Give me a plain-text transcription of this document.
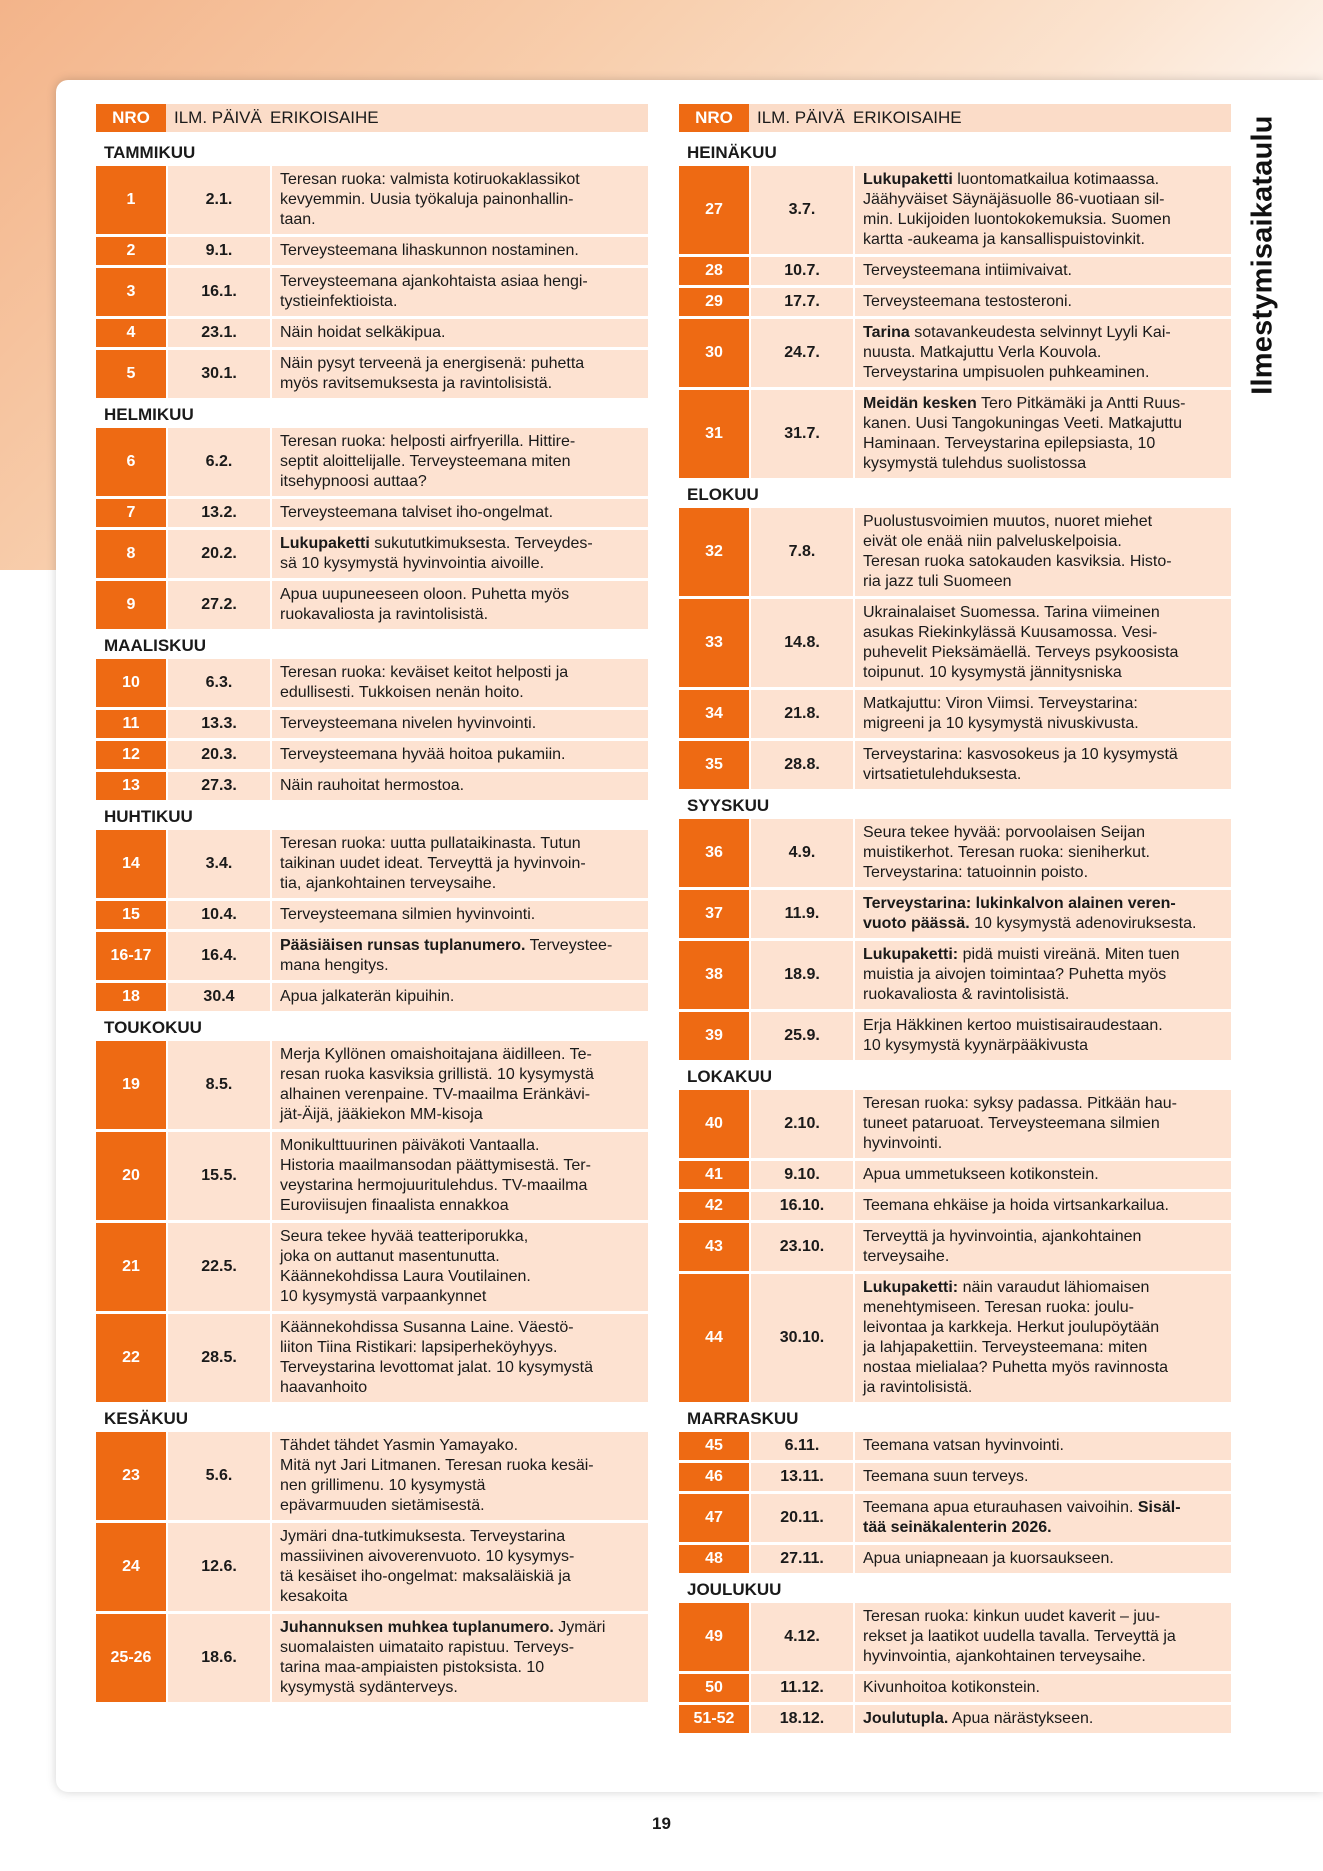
Ilmestymisaikataulu
NRO	ILM. PÄIVÄ ERIKOISAIHE
TAMMIKUU
1	2.1.
Teresan ruoka: valmista kotiruokaklassikot
kevyemmin. Uusia työkaluja painonhallin-
taan.
2	9.1.	Terveysteemana lihaskunnon nostaminen.
3	16.1.
Terveysteemana ajankohtaista asiaa hengi-
tystieinfektioista.
4	23.1.	Näin hoidat selkäkipua.
5	30.1.
Näin pysyt terveenä ja energisenä: puhetta
myös ravitsemuksesta ja ravintolisistä.
HELMIKUU
6	6.2.
Teresan ruoka: helposti airfryerilla. Hittire-
septit aloittelijalle. Terveysteemana miten
itsehypnoosi auttaa?
7	13.2.	Terveysteemana talviset iho-ongelmat.
8	20.2.
Lukupaketti sukututkimuksesta. Terveydes-
sä 10 kysymystä hyvinvointia aivoille.
9	27.2.
Apua uupuneeseen oloon. Puhetta myös
ruokavaliosta ja ravintolisistä.
MAALISKUU
10	6.3.
Teresan ruoka: keväiset keitot helposti ja
edullisesti. Tukkoisen nenän hoito.
11	13.3.	Terveysteemana nivelen hyvinvointi.
12	20.3.	Terveysteemana hyvää hoitoa pukamiin.
13	27.3.	Näin rauhoitat hermostoa.
HUHTIKUU
14	3.4.
Teresan ruoka: uutta pullataikinasta. Tutun
taikinan uudet ideat. Terveyttä ja hyvinvoin-
tia, ajankohtainen terveysaihe.
15	10.4.	Terveysteemana silmien hyvinvointi.
16-17	16.4.
Pääsiäisen runsas tuplanumero. Terveystee-
mana hengitys.
18	30.4	Apua jalkaterän kipuihin.
TOUKOKUU
19	8.5.
Merja Kyllönen omaishoitajana äidilleen. Te-
resan ruoka kasviksia grillistä. 10 kysymystä
alhainen verenpaine. TV-maailma Eränkävi-
jät-Äijä, jääkiekon MM-kisoja
20	15.5.
Monikulttuurinen päiväkoti Vantaalla.
Historia maailmansodan päättymisestä. Ter-
veystarina hermojuuritulehdus. TV-maailma
Euroviisujen finaalista ennakkoa
21	22.5.
Seura tekee hyvää teatteriporukka,
joka on auttanut masentunutta.
Käännekohdissa Laura Voutilainen.
10 kysymystä varpaankynnet
22	28.5.
Käännekohdissa Susanna Laine. Väestö-
liiton Tiina Ristikari: lapsiperheköyhyys.
Terveystarina levottomat jalat. 10 kysymystä
haavanhoito
KESÄKUU
23	5.6.
Tähdet tähdet Yasmin Yamayako.
Mitä nyt Jari Litmanen. Teresan ruoka kesäi-
nen grillimenu. 10 kysymystä
epävarmuuden sietämisestä.
24	12.6.
Jymäri dna-tutkimuksesta. Terveystarina
massiivinen aivoverenvuoto. 10 kysymys-
tä kesäiset iho-ongelmat: maksaläiskiä ja
kesakoita
25-26	18.6.
Juhannuksen muhkea tuplanumero. Jymäri
suomalaisten uimataito rapistuu. Terveys-
tarina maa-ampiaisten pistoksista. 10
kysymystä sydänterveys.
NRO	ILM. PÄIVÄ ERIKOISAIHE
HEINÄKUU
27	3.7.
Lukupaketti luontomatkailua kotimaassa.
Jäähyväiset Säynäjäsuolle 86-vuotiaan sil-
min. Lukijoiden luontokokemuksia. Suomen
kartta -aukeama ja kansallispuistovinkit.
28	10.7.	Terveysteemana intiimivaivat.
29	17.7.	Terveysteemana testosteroni.
30	24.7.
Tarina sotavankeudesta selvinnyt Lyyli Kai-
nuusta. Matkajuttu Verla Kouvola.
Terveystarina umpisuolen puhkeaminen.
31	31.7.
Meidän kesken Tero Pitkämäki ja Antti Ruus-
kanen. Uusi Tangokuningas Veeti. Matkajuttu
Haminaan. Terveystarina epilepsiasta, 10
kysymystä tulehdus suolistossa
ELOKUU
32	7.8.
Puolustusvoimien muutos, nuoret miehet
eivät ole enää niin palveluskelpoisia.
Teresan ruoka satokauden kasviksia. Histo-
ria jazz tuli Suomeen
33	14.8.
Ukrainalaiset Suomessa. Tarina viimeinen
asukas Riekinkylässä Kuusamossa. Vesi-
puhevelit Pieksämäellä. Terveys psykoosista
toipunut. 10 kysymystä jännitysniska
34	21.8.
Matkajuttu: Viron Viimsi. Terveystarina:
migreeni ja 10 kysymystä nivuskivusta.
35	28.8.
Terveystarina: kasvosokeus ja 10 kysymystä
virtsatietulehduksesta.
SYYSKUU
36	4.9.
Seura tekee hyvää: porvoolaisen Seijan
muistikerhot. Teresan ruoka: sieniherkut.
Terveystarina: tatuoinnin poisto.
37	11.9.
Terveystarina: lukinkalvon alainen veren-
vuoto päässä. 10 kysymystä adenoviruksesta.
38	18.9.
Lukupaketti: pidä muisti vireänä. Miten tuen
muistia ja aivojen toimintaa? Puhetta myös
ruokavaliosta & ravintolisistä.
39	25.9.
Erja Häkkinen kertoo muistisairaudestaan.
10 kysymystä kyynärpääkivusta
LOKAKUU
40	2.10.
Teresan ruoka: syksy padassa. Pitkään hau-
tuneet pataruoat. Terveysteemana silmien
hyvinvointi.
41	9.10.	Apua ummetukseen kotikonstein.
42	16.10.	Teemana ehkäise ja hoida virtsankarkailua.
43	23.10.
Terveyttä ja hyvinvointia, ajankohtainen
terveysaihe.
44	30.10.
Lukupaketti: näin varaudut lähiomaisen
menehtymiseen. Teresan ruoka: joulu-
leivontaa ja karkkeja. Herkut joulupöytään
ja lahjapakettiin. Terveysteemana: miten
nostaa mielialaa? Puhetta myös ravinnosta
ja ravintolisistä.
MARRASKUU
45	6.11.	Teemana vatsan hyvinvointi.
46	13.11.	Teemana suun terveys.
47	20.11.
Teemana apua eturauhasen vaivoihin. Sisäl-
tää seinäkalenterin 2026.
48	27.11.	Apua uniapneaan ja kuorsaukseen.
JOULUKUU
49	4.12.
Teresan ruoka: kinkun uudet kaverit – juu-
rekset ja laatikot uudella tavalla. Terveyttä ja
hyvinvointia, ajankohtainen terveysaihe.
50	11.12.	Kivunhoitoa kotikonstein.
51-52	18.12.	Joulutupla. Apua närästykseen.
19
